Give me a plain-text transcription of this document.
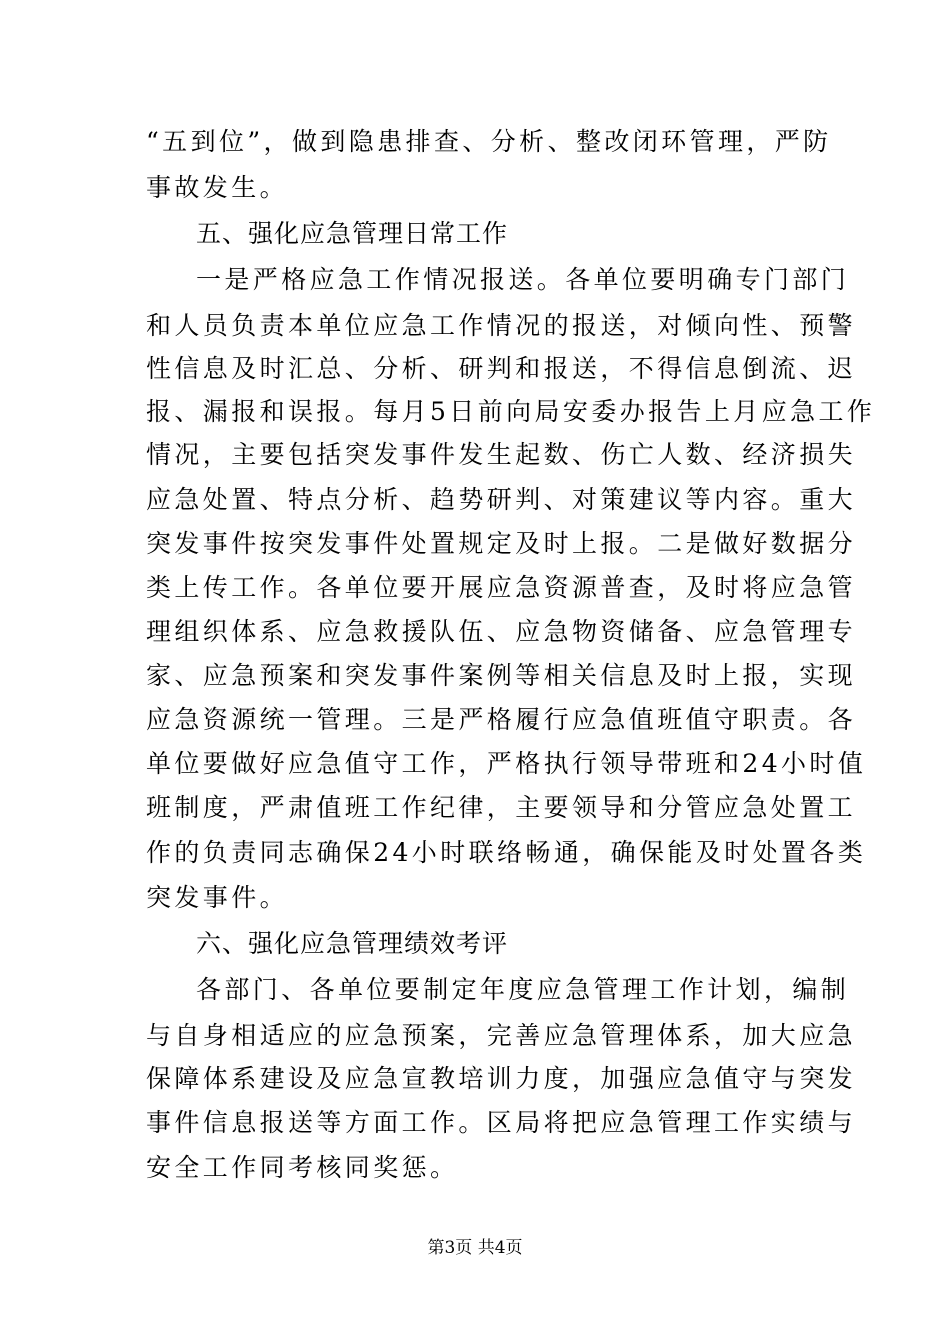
“五到位”，做到隐患排查、分析、整改闭环管理，严防
事故发生。
五、强化应急管理日常工作
一是严格应急工作情况报送。各单位要明确专门部门
和人员负责本单位应急工作情况的报送，对倾向性、预警
性信息及时汇总、分析、研判和报送，不得信息倒流、迟
报、漏报和误报。每月5日前向局安委办报告上月应急工作
情况，主要包括突发事件发生起数、伤亡人数、经济损失
应急处置、特点分析、趋势研判、对策建议等内容。重大
突发事件按突发事件处置规定及时上报。二是做好数据分
类上传工作。各单位要开展应急资源普查，及时将应急管
理组织体系、应急救援队伍、应急物资储备、应急管理专
家、应急预案和突发事件案例等相关信息及时上报，实现
应急资源统一管理。三是严格履行应急值班值守职责。各
单位要做好应急值守工作，严格执行领导带班和24小时值
班制度，严肃值班工作纪律，主要领导和分管应急处置工
作的负责同志确保24小时联络畅通，确保能及时处置各类
突发事件。
六、强化应急管理绩效考评
各部门、各单位要制定年度应急管理工作计划，编制
与自身相适应的应急预案，完善应急管理体系，加大应急
保障体系建设及应急宣教培训力度，加强应急值守与突发
事件信息报送等方面工作。区局将把应急管理工作实绩与
安全工作同考核同奖惩。
第3页 共4页
